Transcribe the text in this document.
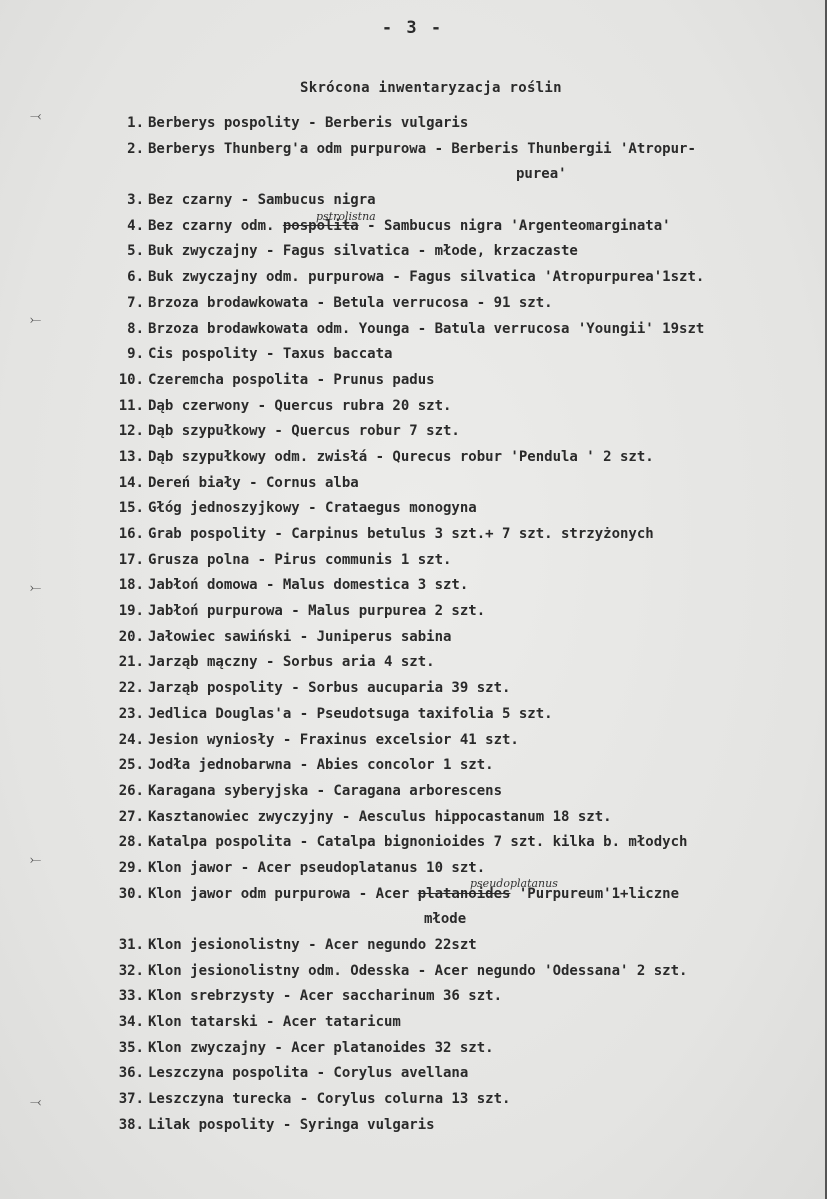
- 3 -
Skrócona inwentaryzacja roślin
⤙
⤚
⤚
⤚
⤙
1. Berberys pospolity - Berberis vulgaris
2. Berberys Thunberg'a odm purpurowa - Berberis Thunbergii 'Atropur-
purea'
3. Bez czarny - Sambucus nigra
4. Bez czarny odm. pospolita - Sambucus nigra 'Argenteomarginata'
pstrolistna
5. Buk zwyczajny - Fagus silvatica - młode, krzaczaste
6. Buk zwyczajny odm. purpurowa - Fagus silvatica 'Atropurpurea'1szt.
7. Brzoza brodawkowata - Betula verrucosa - 91 szt.
8. Brzoza brodawkowata odm. Younga - Batula verrucosa 'Youngii' 19szt
9. Cis pospolity - Taxus baccata
10. Czeremcha pospolita - Prunus padus
11. Dąb czerwony - Quercus rubra 20 szt.
12. Dąb szypułkowy - Quercus robur 7 szt.
13. Dąb szypułkowy odm. zwisłá - Qurecus robur 'Pendula ' 2 szt.
14. Dereń biały - Cornus alba
15. Głóg jednoszyjkowy - Crataegus monogyna
16. Grab pospolity - Carpinus betulus 3 szt.+ 7 szt. strzyżonych
17. Grusza polna - Pirus communis 1 szt.
18. Jabłoń domowa - Malus domestica 3 szt.
19. Jabłoń purpurowa - Malus purpurea 2 szt.
20. Jałowiec sawiński - Juniperus sabina
21. Jarząb mączny - Sorbus aria 4 szt.
22. Jarząb pospolity - Sorbus aucuparia 39 szt.
23. Jedlica Douglas'a - Pseudotsuga taxifolia 5 szt.
24. Jesion wyniosły - Fraxinus excelsior 41 szt.
25. Jodła jednobarwna - Abies concolor 1 szt.
26. Karagana syberyjska - Caragana arborescens
27. Kasztanowiec zwyczyjny - Aesculus hippocastanum 18 szt.
28. Katalpa pospolita - Catalpa bignonioides 7 szt. kilka b. młodych
29. Klon jawor - Acer pseudoplatanus 10 szt.
30. Klon jawor odm purpurowa - Acer platanoides 'Purpureum'1+liczne
pseudoplatanus
młode
31. Klon jesionolistny - Acer negundo 22szt
32. Klon jesionolistny odm. Odesska - Acer negundo 'Odessana' 2 szt.
33. Klon srebrzysty - Acer saccharinum 36 szt.
34. Klon tatarski - Acer tataricum
35. Klon zwyczajny - Acer platanoides 32 szt.
36. Leszczyna pospolita - Corylus avellana
37. Leszczyna turecka - Corylus colurna 13 szt.
38. Lilak pospolity - Syringa vulgaris
